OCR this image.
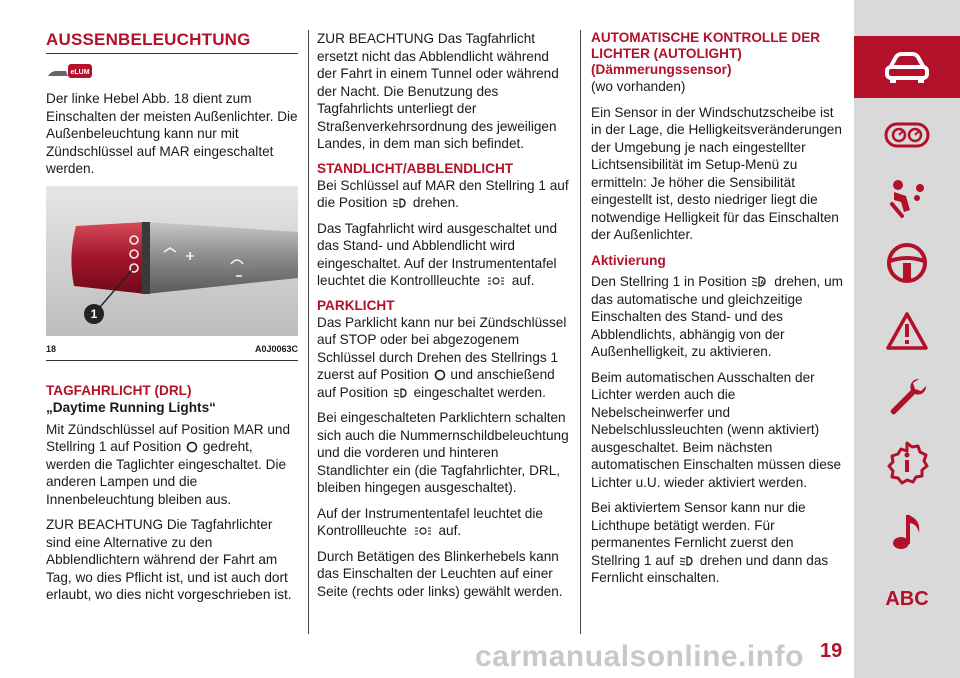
AUSSENBELEUCHTUNG
eLUM

Der linke Hebel Abb. 18 dient zum Einschalten der meisten Außenlichter. Die Außenbeleuchtung kann nur mit Zündschlüssel auf MAR eingeschaltet werden.

1
18	A0J0063C
TAGFAHRLICHT (DRL)
„Daytime Running Lights“

Mit Zündschlüssel auf Position MAR und Stellring 1 auf Position gedreht, werden die Taglichter eingeschaltet. Die anderen Lampen und die Innenbeleuchtung bleiben aus.

ZUR BEACHTUNG Die Tagfahrlichter sind eine Alternative zu den Abblendlichtern während der Fahrt am Tag, wo dies Pflicht ist, und ist auch dort erlaubt, wo dies nicht vorgeschrieben ist.

ZUR BEACHTUNG Das Tagfahrlicht ersetzt nicht das Abblendlicht während der Fahrt in einem Tunnel oder während der Nacht. Die Benutzung des Tagfahrlichts unterliegt der Straßenverkehrsordnung des jeweiligen Landes, in dem man sich befindet.

STANDLICHT/ABBLENDLICHT

Bei Schlüssel auf MAR den Stellring 1 auf die Position drehen.

Das Tagfahrlicht wird ausgeschaltet und das Stand- und Abblendlicht wird eingeschaltet. Auf der Instrumententafel leuchtet die Kontrollleuchte auf.

PARKLICHT

Das Parklicht kann nur bei Zündschlüssel auf STOP oder bei abgezogenem Schlüssel durch Drehen des Stellrings 1 zuerst auf Position und anschießend auf Position eingeschaltet werden.

Bei eingeschalteten Parklichtern schalten sich auch die Nummernschildbeleuchtung und die vorderen und hinteren Standlichter ein (die Tagfahrlichter, DRL, bleiben hingegen ausgeschaltet).

Auf der Instrumententafel leuchtet die Kontrollleuchte auf.

Durch Betätigen des Blinkerhebels kann das Einschalten der Leuchten auf einer Seite (rechts oder links) gewählt werden.

AUTOMATISCHE KONTROLLE DER
LICHTER (AUTOLIGHT)
(Dämmerungssensor)

(wo vorhanden)

Ein Sensor in der Windschutzscheibe ist in der Lage, die Helligkeitsveränderungen der Umgebung je nach eingestellter Lichtsensibilität im Setup-Menü zu ermitteln: Je höher die Sensibilität eingestellt ist, desto niedriger liegt die notwendige Helligkeit für das Einschalten der Außenlichter.

Aktivierung

Den Stellring 1 in Position	A drehen, um das automatische und gleichzeitige Einschalten des Stand- und des Abblendlichts, abhängig von der Außenhelligkeit, zu aktivieren.

Beim automatischen Ausschalten der Lichter werden auch die Nebelscheinwerfer und Nebelschlussleuchten (wenn aktiviert) ausgeschaltet. Beim nächsten automatischen Einschalten müssen diese Lichter u.U. wieder aktiviert werden.

Bei aktiviertem Sensor kann nur die Lichthupe betätigt werden. Für permanentes Fernlicht zuerst den Stellring 1 auf drehen und dann das Fernlicht einschalten.

ABC
carmanualsonline.info 19
